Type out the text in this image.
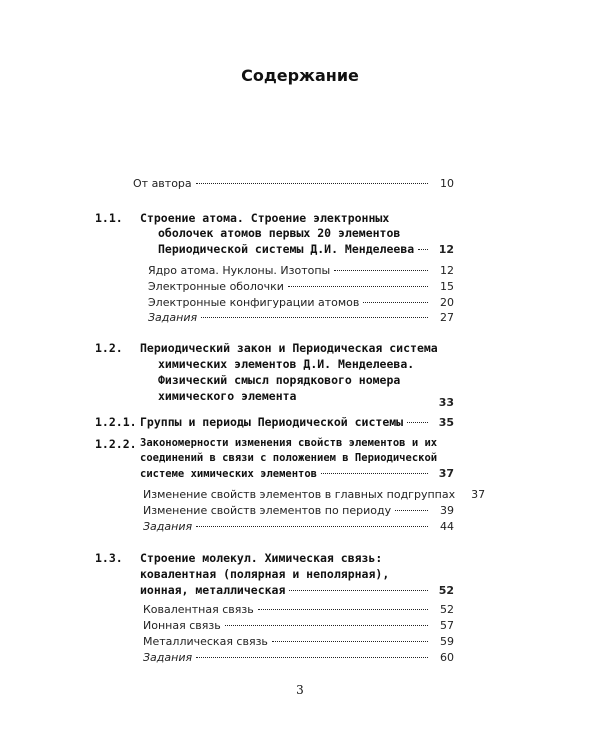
Содержание
От автора	10
1.1. Строение атома. Строение электронных
оболочек атомов первых 20 элементов
Периодической системы Д.И. Менделеева	12
Ядро атома. Нуклоны. Изотопы	12
Электронные оболочки	15
Электронные конфигурации атомов	20
Задания	27
1.2. Периодический закон и Периодическая система
химических элементов Д.И. Менделеева.
Физический смысл порядкового номера
химического элемента	33
1.2.1. Группы и периоды Периодической системы	35
1.2.2. Закономерности изменения свойств элементов и их
соединений в связи с положением в Периодической
системе химических элементов	37
Изменение свойств элементов в главных подгруппах	37
Изменение свойств элементов по периоду	39
Задания	44
1.3. Строение молекул. Химическая связь:
ковалентная (полярная и неполярная),
ионная, металлическая	52
Ковалентная связь	52
Ионная связь	57
Металлическая связь	59
Задания	60
3
